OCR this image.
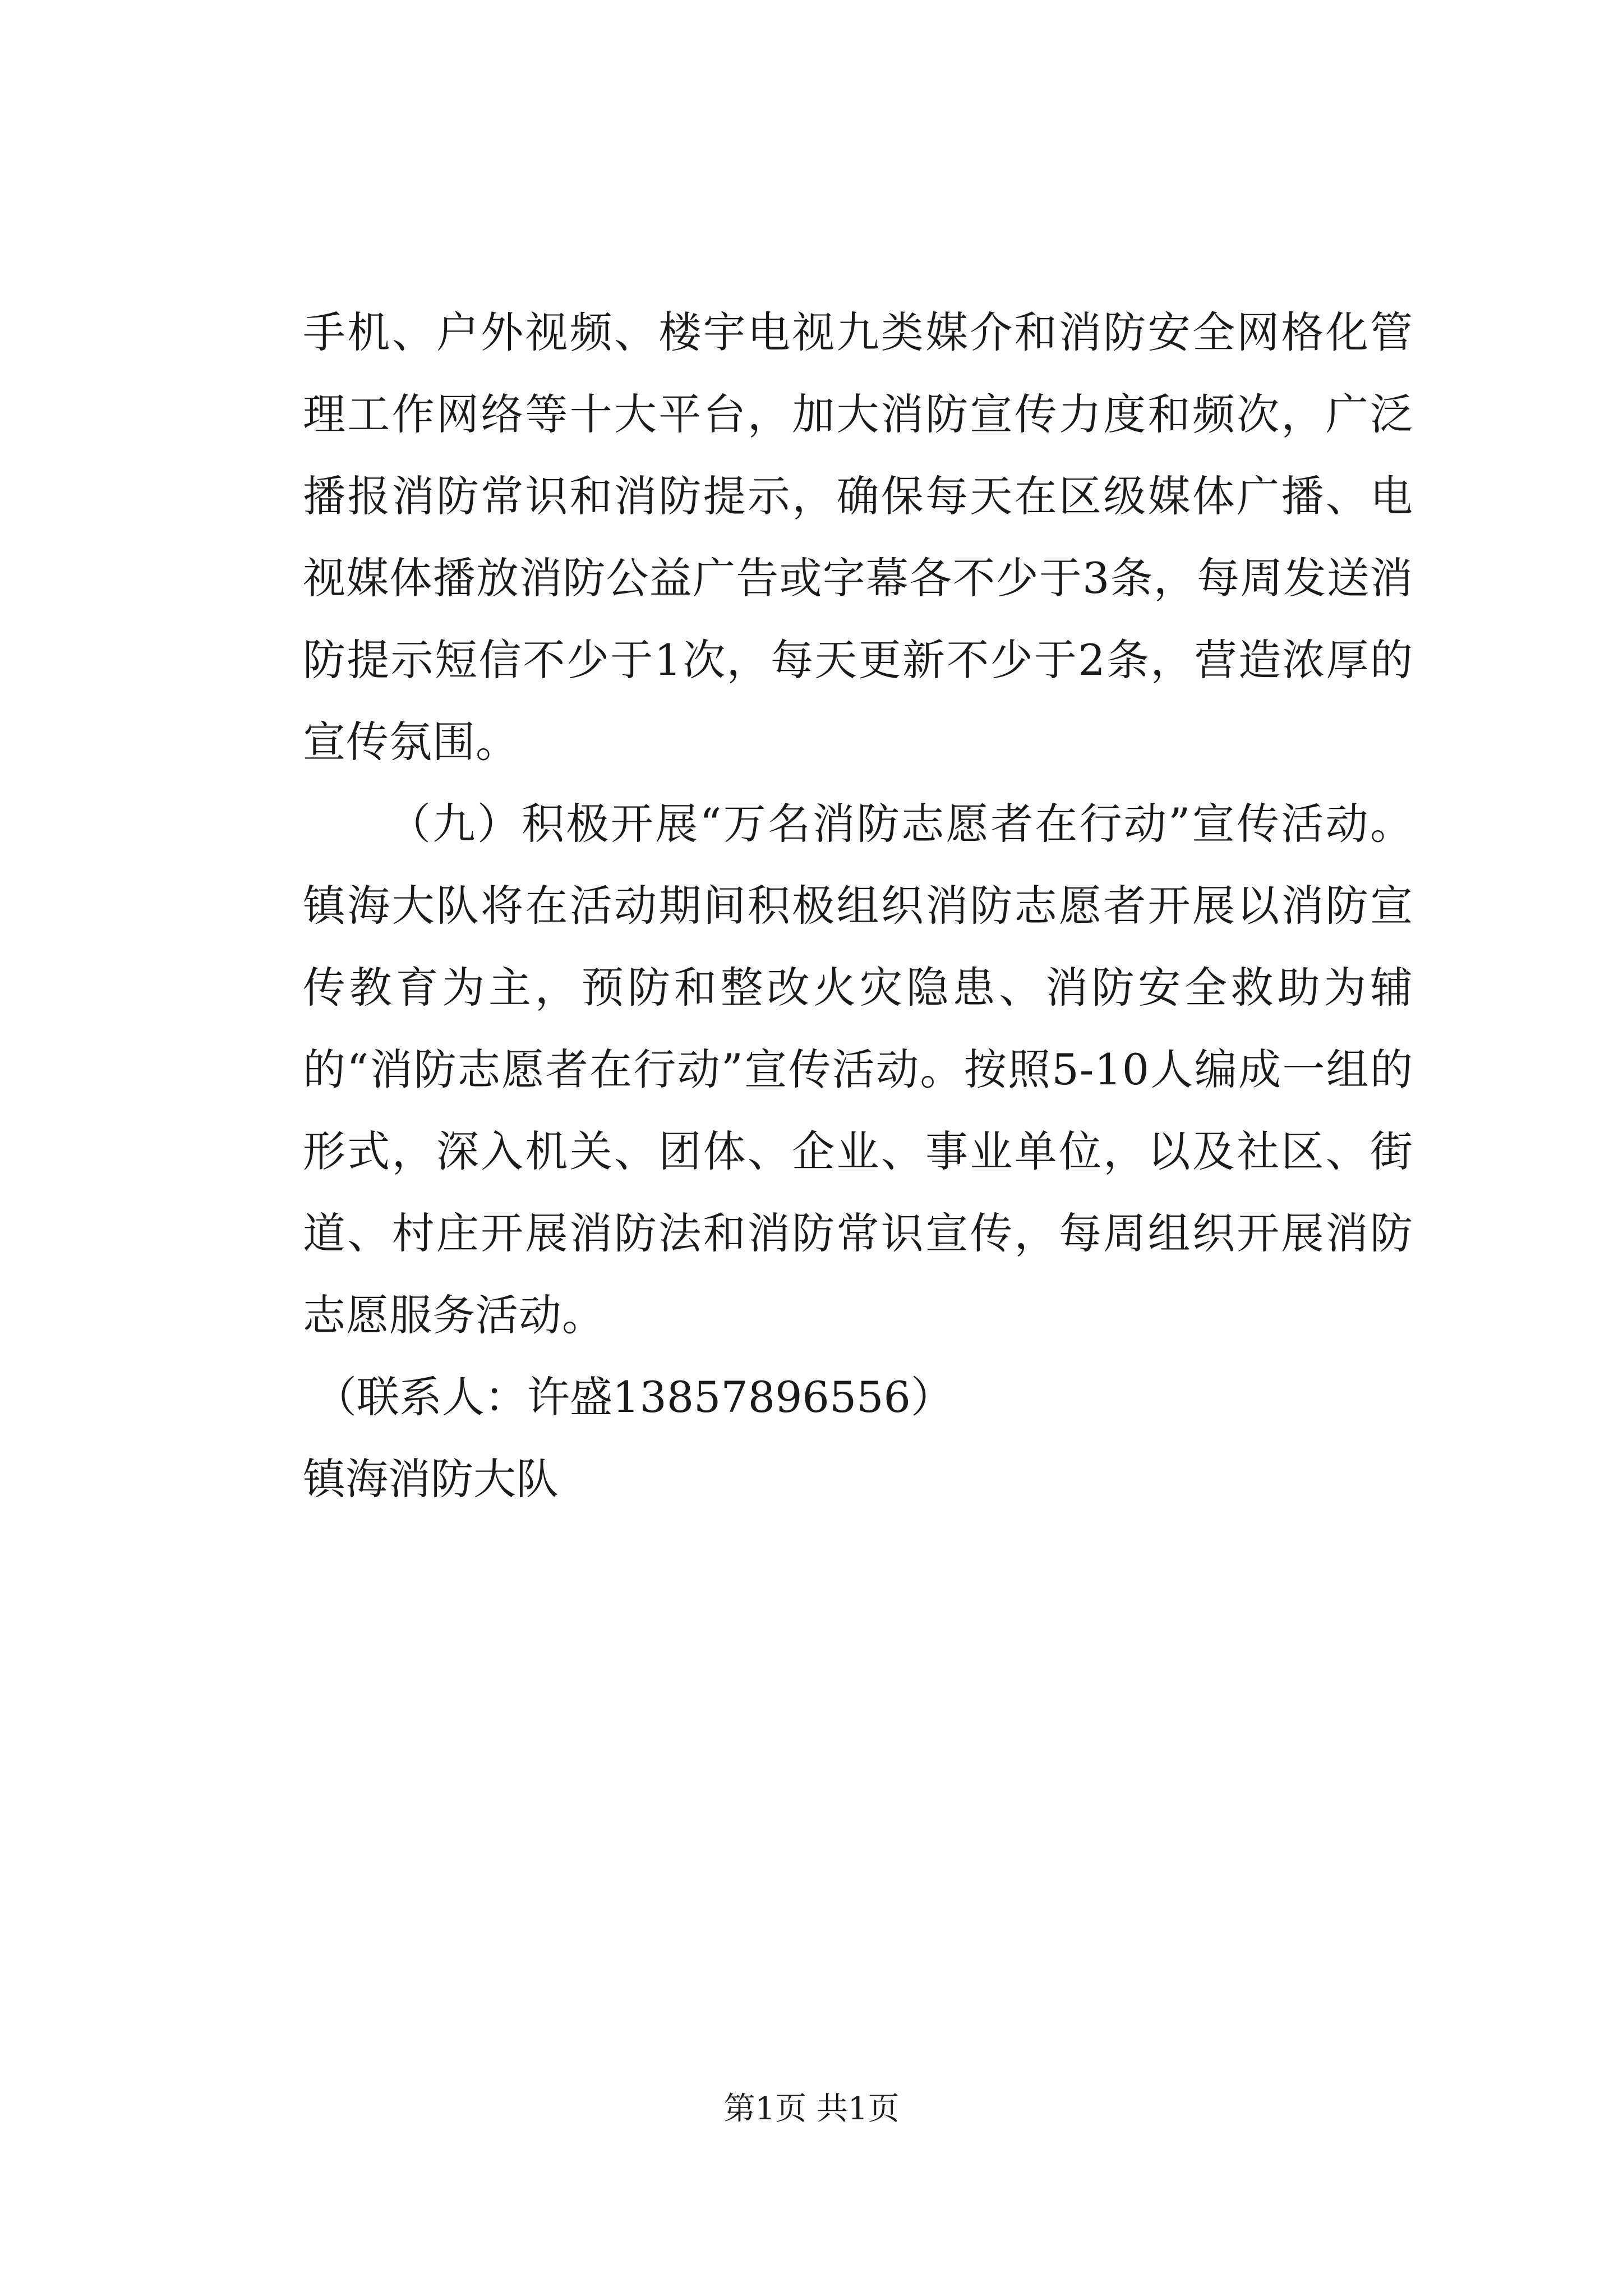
手机、户外视频、楼宇电视九类媒介和消防安全网格化管理工作网络等十大平台，加大消防宣传力度和频次，广泛播报消防常识和消防提示，确保每天在区级媒体广播、电视媒体播放消防公益广告或字幕各不少于3条，每周发送消防提示短信不少于1次，每天更新不少于2条，营造浓厚的宣传氛围。

（九）积极开展“万名消防志愿者在行动”宣传活动。镇海大队将在活动期间积极组织消防志愿者开展以消防宣传教育为主，预防和整改火灾隐患、消防安全救助为辅的“消防志愿者在行动”宣传活动。按照5-10人编成一组的形式，深入机关、团体、企业、事业单位，以及社区、街道、村庄开展消防法和消防常识宣传，每周组织开展消防志愿服务活动。

（联系人：许盛13857896556）

镇海消防大队

第1页 共1页
